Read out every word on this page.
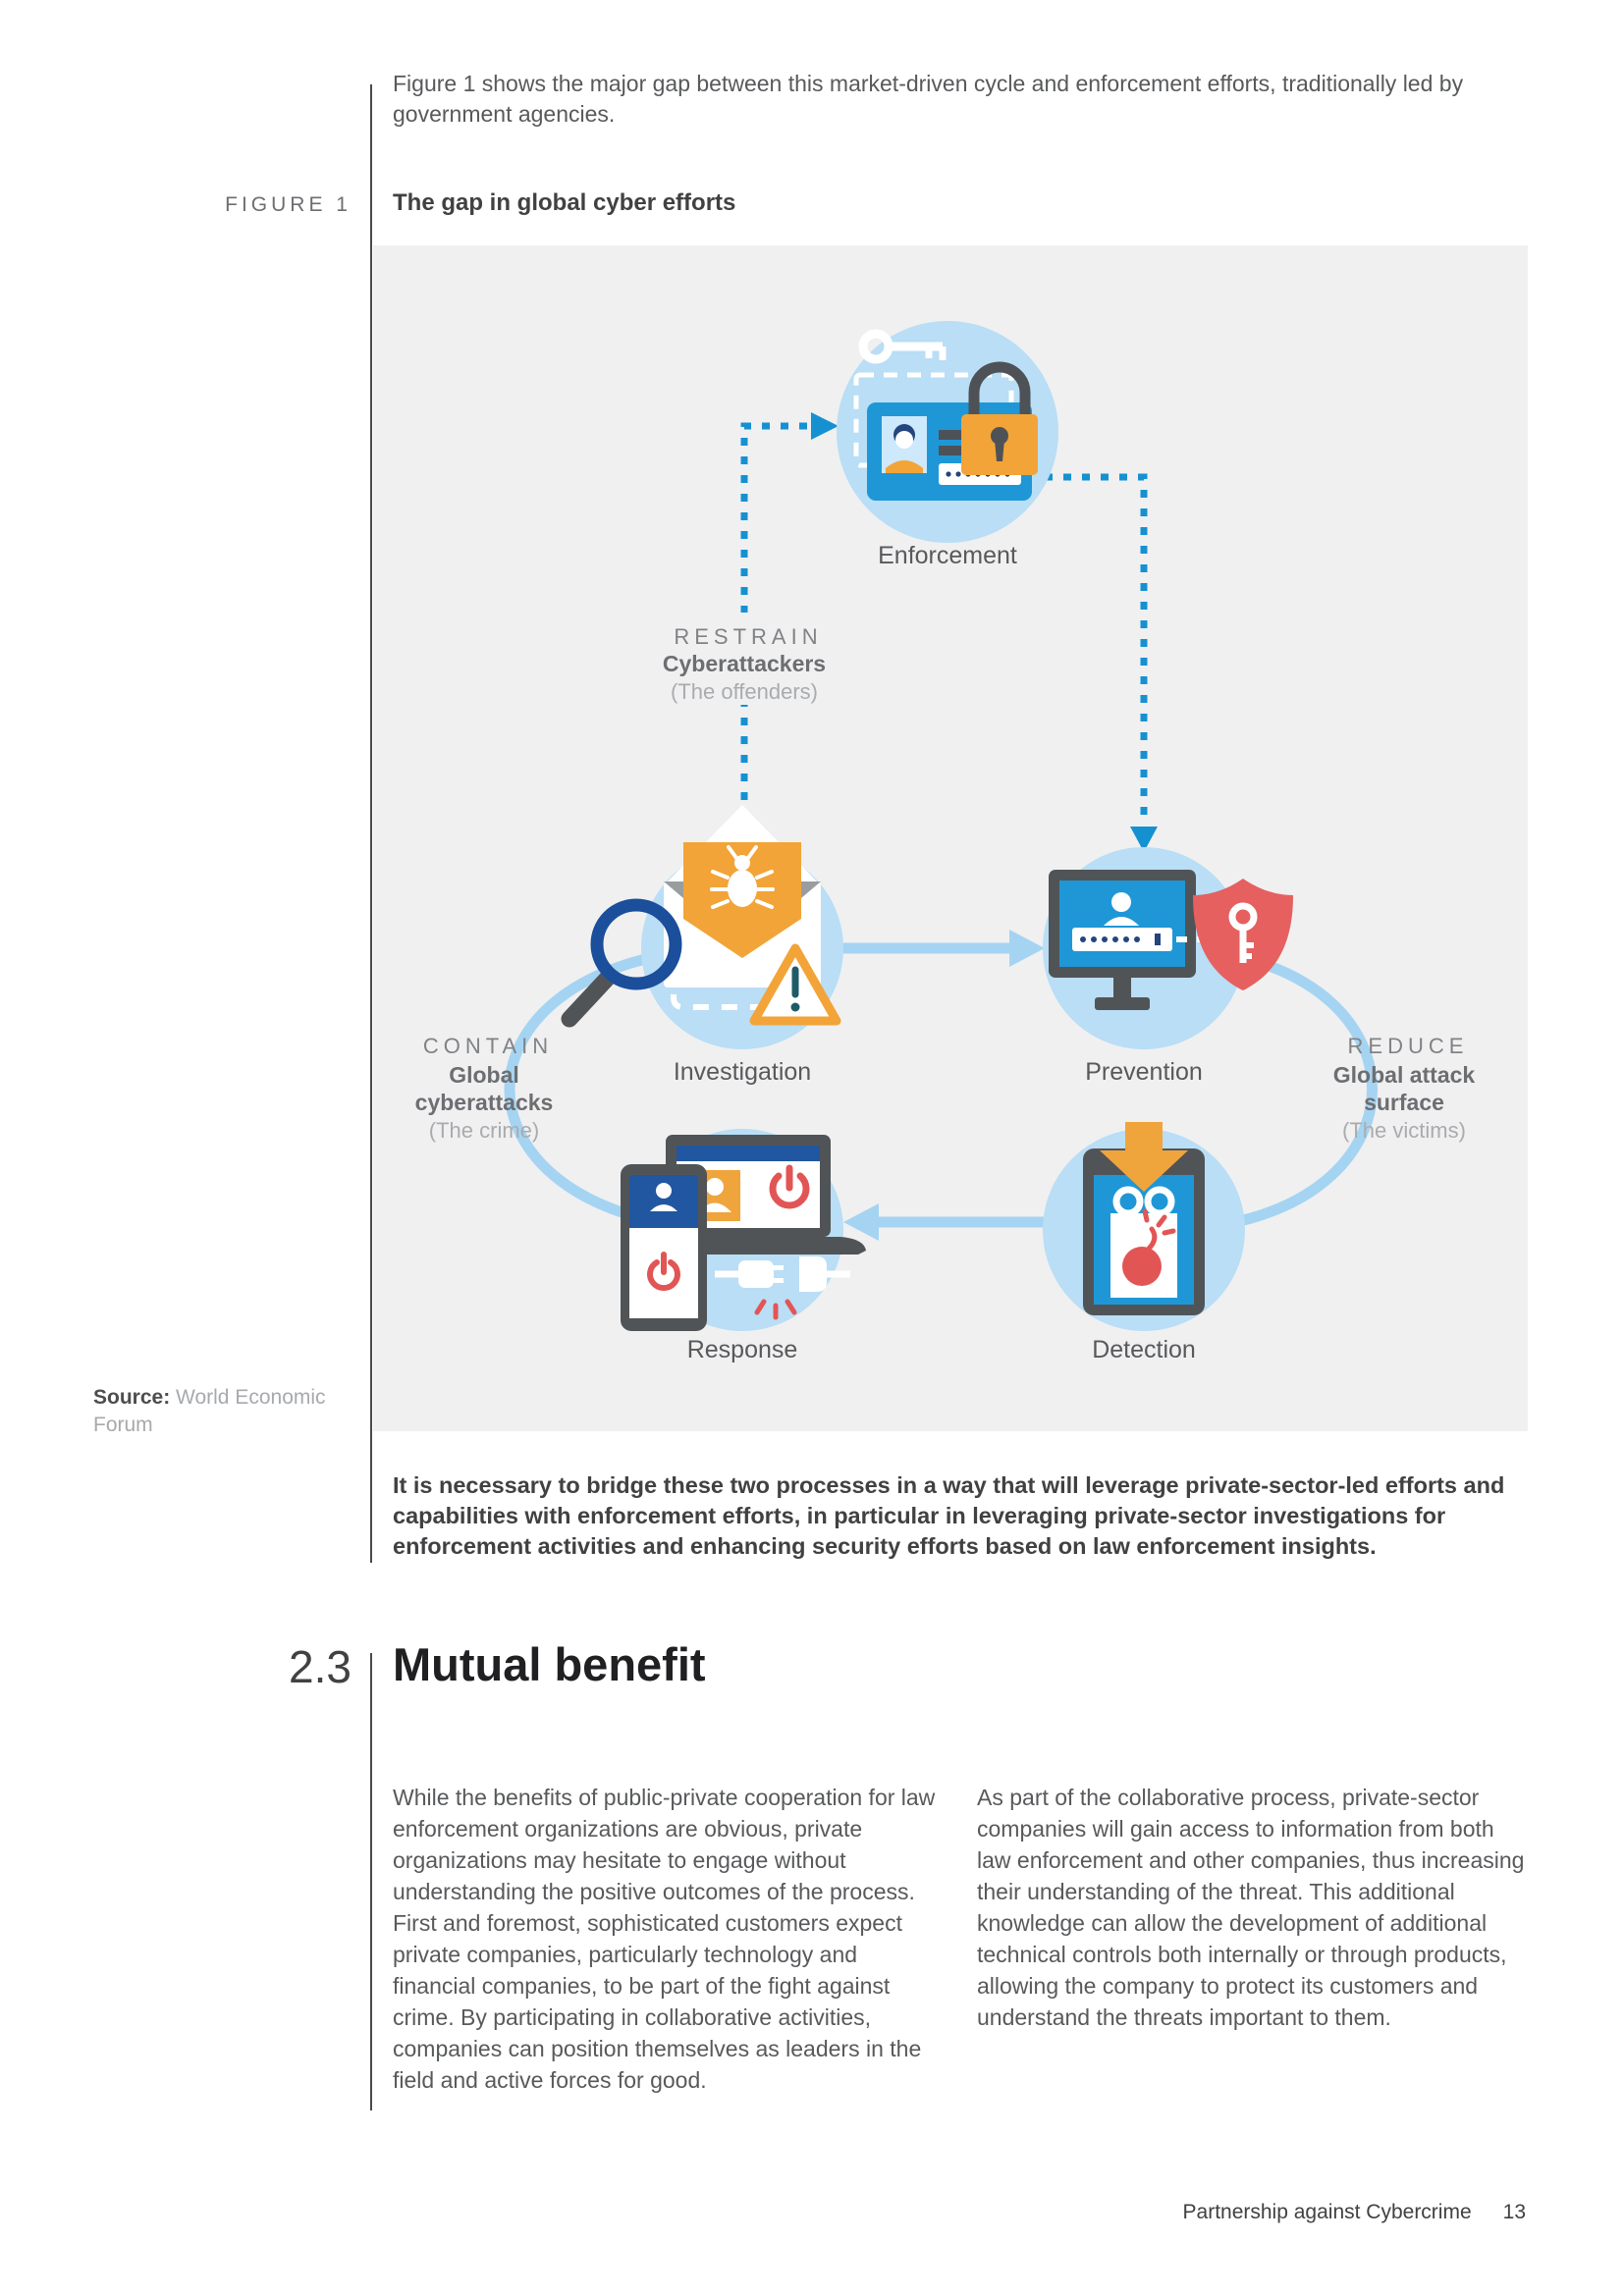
Figure 1 shows the major gap between this market-driven cycle and enforcement efforts, traditionally led by government agencies.
FIGURE 1 The gap in global cyber efforts
Enforcement
Investigation	Prevention
Response	Detection
RESTRAIN
Cyberattackers
(The offenders)
CONTAIN
Global
cyberattacks
(The crime)
REDUCE
Global attack
surface
(The victims)
Source: World Economic Forum
It is necessary to bridge these two processes in a way that will leverage private-sector-led efforts and capabilities with enforcement efforts, in particular in leveraging private-sector investigations for enforcement activities and enhancing security efforts based on law enforcement insights.
2.3 Mutual benefit
While the benefits of public-private cooperation for law enforcement organizations are obvious, private organizations may hesitate to engage without understanding the positive outcomes of the process. First and foremost, sophisticated customers expect private companies, particularly technology and financial companies, to be part of the fight against crime. By participating in collaborative activities, companies can position themselves as leaders in the field and active forces for good.
As part of the collaborative process, private-sector companies will gain access to information from both law enforcement and other companies, thus increasing their understanding of the threat. This additional knowledge can allow the development of additional technical controls both internally or through products, allowing the company to protect its customers and understand the threats important to them.
Partnership against Cybercrime 13
